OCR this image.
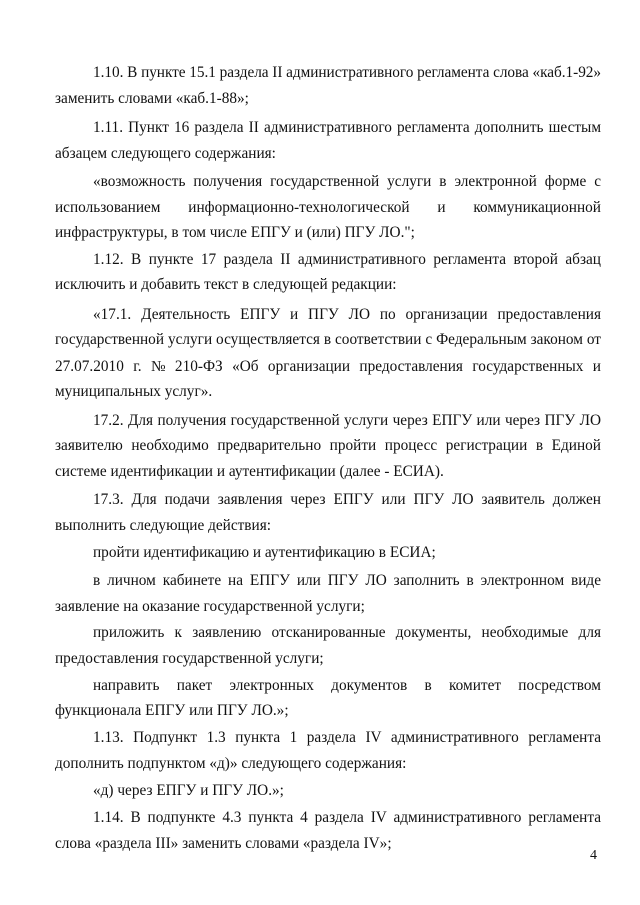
1.10. В пункте 15.1 раздела II административного регламента слова «каб.1-92»
заменить словами «каб.1-88»;
1.11. Пункт 16 раздела II административного регламента дополнить шестым
абзацем следующего содержания:
«возможность получения государственной услуги в электронной форме с
использованием информационно-технологической и коммуникационной
инфраструктуры, в том числе ЕПГУ и (или) ПГУ ЛО.";
1.12. В пункте 17 раздела II административного регламента второй абзац
исключить и добавить текст в следующей редакции:
«17.1. Деятельность ЕПГУ и ПГУ ЛО по организации предоставления
государственной услуги осуществляется в соответствии с Федеральным законом от
27.07.2010 г. № 210-ФЗ «Об организации предоставления государственных и
муниципальных услуг».
17.2. Для получения государственной услуги через ЕПГУ или через ПГУ ЛО
заявителю необходимо предварительно пройти процесс регистрации в Единой
системе идентификации и аутентификации (далее - ЕСИА).
17.3. Для подачи заявления через ЕПГУ или ПГУ ЛО заявитель должен
выполнить следующие действия:
пройти идентификацию и аутентификацию в ЕСИА;
в личном кабинете на ЕПГУ или ПГУ ЛО заполнить в электронном виде
заявление на оказание государственной услуги;
приложить к заявлению отсканированные документы, необходимые для
предоставления государственной услуги;
направить пакет электронных документов в комитет посредством
функционала ЕПГУ или ПГУ ЛО.»;
1.13. Подпункт 1.3 пункта 1 раздела IV административного регламента
дополнить подпунктом «д)» следующего содержания:
«д) через ЕПГУ и ПГУ ЛО.»;
1.14. В подпункте 4.3 пункта 4 раздела IV административного регламента
слова «раздела III» заменить словами «раздела IV»;
4
